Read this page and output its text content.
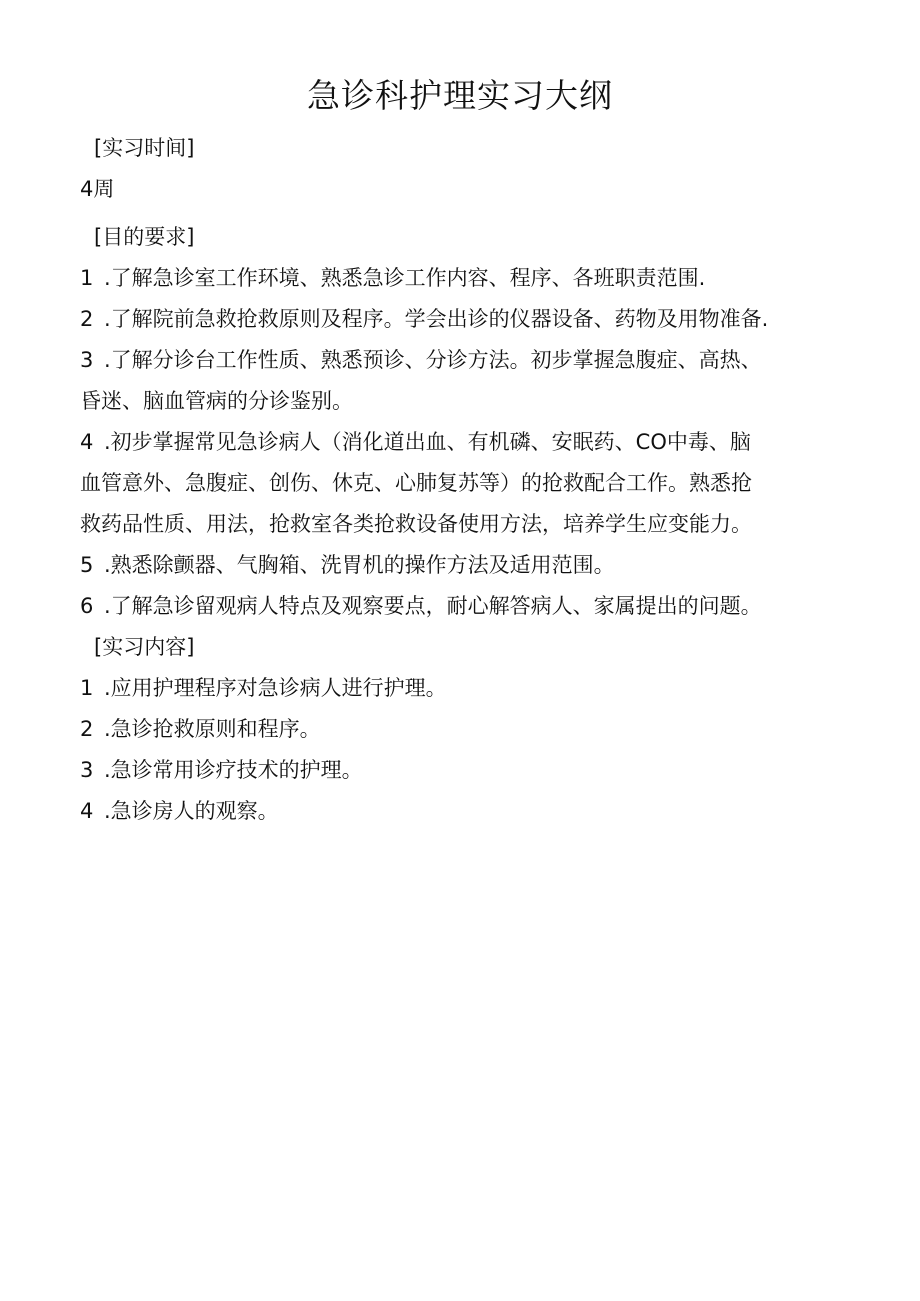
急诊科护理实习大纲
[实习时间]
4周
[目的要求]
1 .了解急诊室工作环境、熟悉急诊工作内容、程序、各班职责范围.
2 .了解院前急救抢救原则及程序。学会出诊的仪器设备、药物及用物准备.
3 .了解分诊台工作性质、熟悉预诊、分诊方法。初步掌握急腹症、高热、
昏迷、脑血管病的分诊鉴别。
4 .初步掌握常见急诊病人（消化道出血、有机磷、安眠药、CO中毒、脑
血管意外、急腹症、创伤、休克、心肺复苏等）的抢救配合工作。熟悉抢
救药品性质、用法，抢救室各类抢救设备使用方法，培养学生应变能力。
5 .熟悉除颤器、气胸箱、洗胃机的操作方法及适用范围。
6 .了解急诊留观病人特点及观察要点，耐心解答病人、家属提出的问题。
[实习内容]
1 .应用护理程序对急诊病人进行护理。
2 .急诊抢救原则和程序。
3 .急诊常用诊疗技术的护理。
4 .急诊房人的观察。
